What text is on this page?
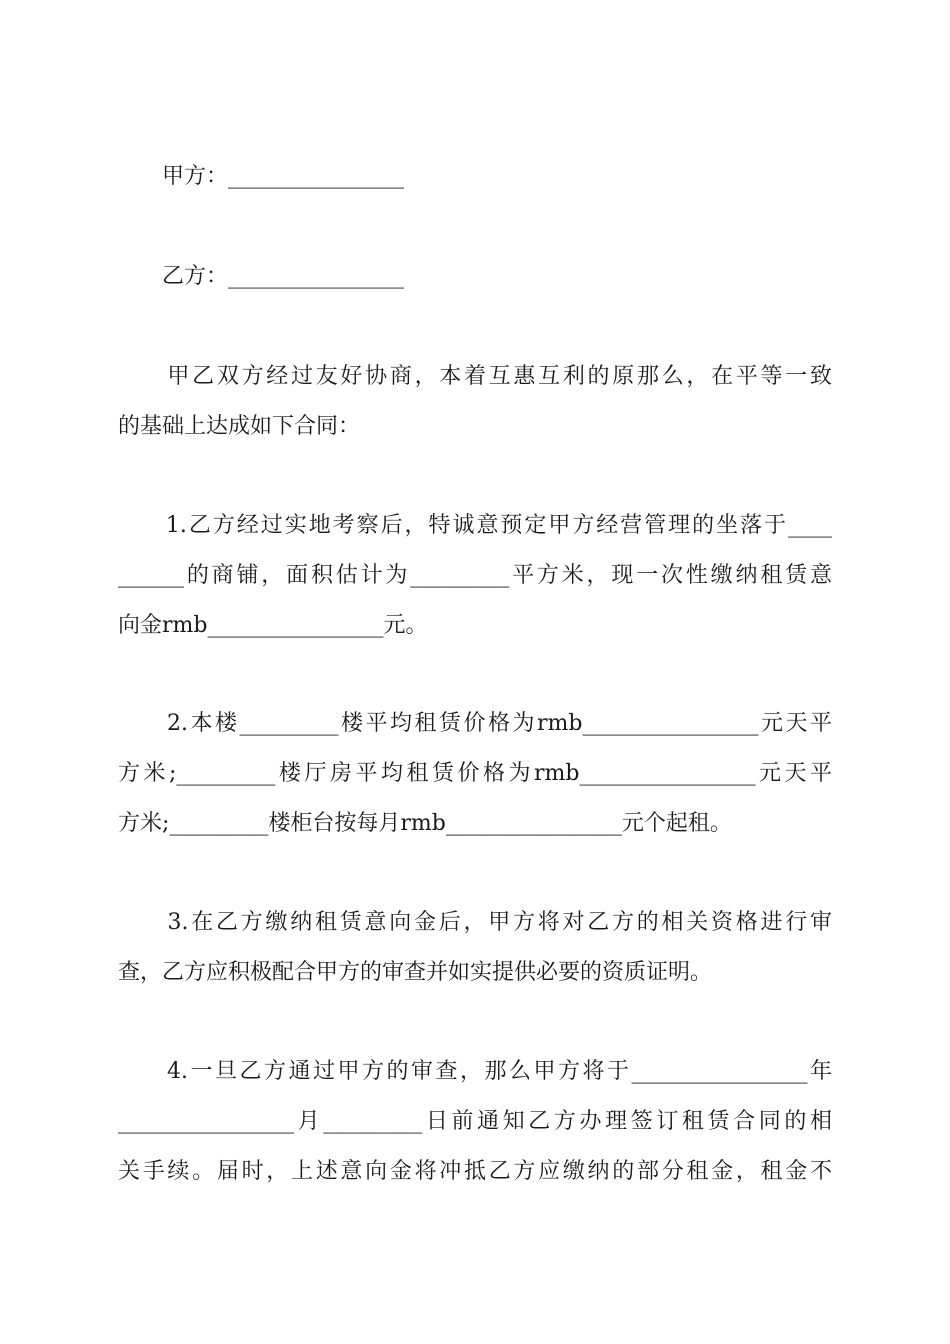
　　甲方：________________
　　乙方：________________
　　甲乙双方经过友好协商，本着互惠互利的原那么，在平等一致
的基础上达成如下合同：
　　1.乙方经过实地考察后，特诚意预定甲方经营管理的坐落于____
______的商铺，面积估计为_________平方米，现一次性缴纳租赁意
向金rmb________________元。
　　2.本楼_________楼平均租赁价格为rmb________________元天平
方米;_________楼厅房平均租赁价格为rmb________________元天平
方米;_________楼柜台按每月rmb________________元个起租。
　　3.在乙方缴纳租赁意向金后，甲方将对乙方的相关资格进行审
查，乙方应积极配合甲方的审查并如实提供必要的资质证明。
　　4.一旦乙方通过甲方的审查，那么甲方将于________________年
________________月_________日前通知乙方办理签订租赁合同的相
关手续。届时，上述意向金将冲抵乙方应缴纳的部分租金，租金不
